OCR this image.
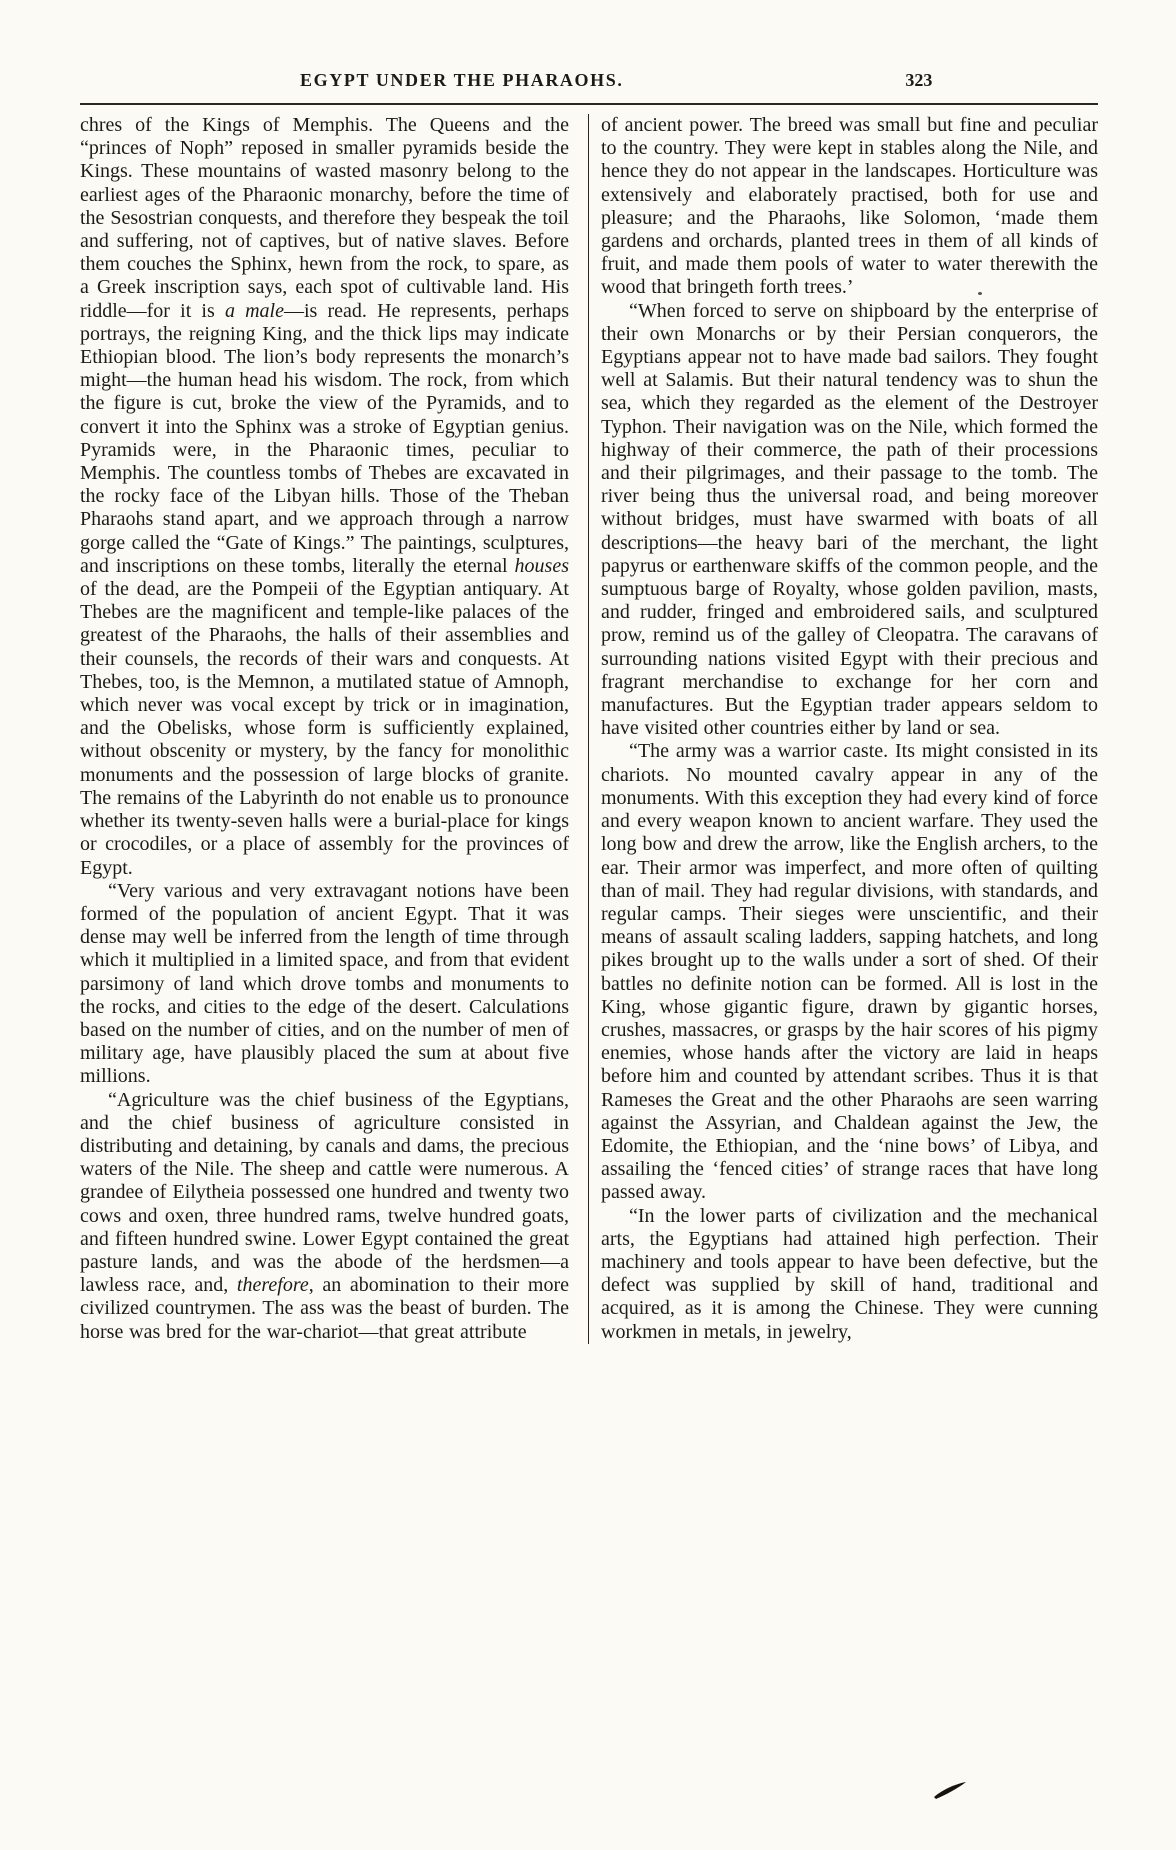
EGYPT UNDER THE PHARAOHS.	323

chres of the Kings of Memphis. The Queens and the “princes of Noph” reposed in smaller pyramids beside the Kings. These mountains of wasted masonry belong to the earliest ages of the Pharaonic monarchy, before the time of the Sesostrian conquests, and therefore they bespeak the toil and suffering, not of captives, but of native slaves. Before them couches the Sphinx, hewn from the rock, to spare, as a Greek inscription says, each spot of cultivable land. His riddle—for it is a male—is read. He represents, perhaps portrays, the reigning King, and the thick lips may indicate Ethiopian blood. The lion’s body represents the monarch’s might—the human head his wisdom. The rock, from which the figure is cut, broke the view of the Pyramids, and to convert it into the Sphinx was a stroke of Egyptian genius. Pyramids were, in the Pharaonic times, peculiar to Memphis. The countless tombs of Thebes are excavated in the rocky face of the Libyan hills. Those of the Theban Pharaohs stand apart, and we approach through a narrow gorge called the “Gate of Kings.” The paintings, sculptures, and inscriptions on these tombs, literally the eternal houses of the dead, are the Pompeii of the Egyptian antiquary. At Thebes are the magnificent and temple-like palaces of the greatest of the Pharaohs, the halls of their assemblies and their counsels, the records of their wars and conquests. At Thebes, too, is the Memnon, a mutilated statue of Amnoph, which never was vocal except by trick or in imagination, and the Obelisks, whose form is sufficiently explained, without obscenity or mystery, by the fancy for monolithic monuments and the possession of large blocks of granite. The remains of the Labyrinth do not enable us to pronounce whether its twenty-seven halls were a burial-place for kings or crocodiles, or a place of assembly for the provinces of Egypt.

“Very various and very extravagant notions have been formed of the population of ancient Egypt. That it was dense may well be inferred from the length of time through which it multiplied in a limited space, and from that evident parsimony of land which drove tombs and monuments to the rocks, and cities to the edge of the desert. Calculations based on the number of cities, and on the number of men of military age, have plausibly placed the sum at about five millions.

“Agriculture was the chief business of the Egyptians, and the chief business of agriculture consisted in distributing and detaining, by canals and dams, the precious waters of the Nile. The sheep and cattle were numerous. A grandee of Eilytheia possessed one hundred and twenty two cows and oxen, three hundred rams, twelve hundred goats, and fifteen hundred swine. Lower Egypt contained the great pasture lands, and was the abode of the herdsmen—a lawless race, and, therefore, an abomination to their more civilized countrymen. The ass was the beast of burden. The horse was bred for the war-chariot—that great attribute

of ancient power. The breed was small but fine and peculiar to the country. They were kept in stables along the Nile, and hence they do not appear in the landscapes. Horticulture was extensively and elaborately practised, both for use and pleasure; and the Pharaohs, like Solomon, ‘made them gardens and orchards, planted trees in them of all kinds of fruit, and made them pools of water to water therewith the wood that bringeth forth trees.’

“When forced to serve on shipboard by the enterprise of their own Monarchs or by their Persian conquerors, the Egyptians appear not to have made bad sailors. They fought well at Salamis. But their natural tendency was to shun the sea, which they regarded as the element of the Destroyer Typhon. Their navigation was on the Nile, which formed the highway of their commerce, the path of their processions and their pilgrimages, and their passage to the tomb. The river being thus the universal road, and being moreover without bridges, must have swarmed with boats of all descriptions—the heavy bari of the merchant, the light papyrus or earthenware skiffs of the common people, and the sumptuous barge of Royalty, whose golden pavilion, masts, and rudder, fringed and embroidered sails, and sculptured prow, remind us of the galley of Cleopatra. The caravans of surrounding nations visited Egypt with their precious and fragrant merchandise to exchange for her corn and manufactures. But the Egyptian trader appears seldom to have visited other countries either by land or sea.

“The army was a warrior caste. Its might consisted in its chariots. No mounted cavalry appear in any of the monuments. With this exception they had every kind of force and every weapon known to ancient warfare. They used the long bow and drew the arrow, like the English archers, to the ear. Their armor was imperfect, and more often of quilting than of mail. They had regular divisions, with standards, and regular camps. Their sieges were unscientific, and their means of assault scaling ladders, sapping hatchets, and long pikes brought up to the walls under a sort of shed. Of their battles no definite notion can be formed. All is lost in the King, whose gigantic figure, drawn by gigantic horses, crushes, massacres, or grasps by the hair scores of his pigmy enemies, whose hands after the victory are laid in heaps before him and counted by attendant scribes. Thus it is that Rameses the Great and the other Pharaohs are seen warring against the Assyrian, and Chaldean against the Jew, the Edomite, the Ethiopian, and the ‘nine bows’ of Libya, and assailing the ‘fenced cities’ of strange races that have long passed away.

“In the lower parts of civilization and the mechanical arts, the Egyptians had attained high perfection. Their machinery and tools appear to have been defective, but the defect was supplied by skill of hand, traditional and acquired, as it is among the Chinese. They were cunning workmen in metals, in jewelry,
